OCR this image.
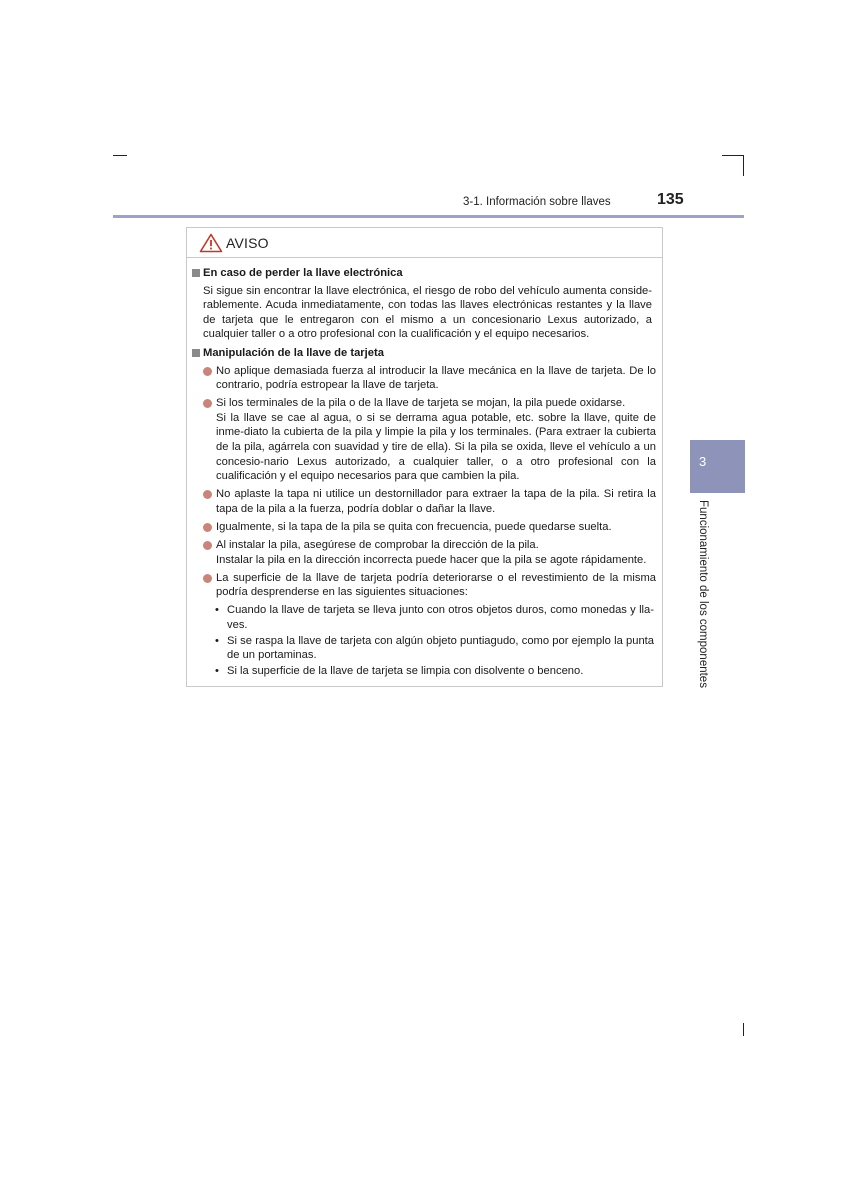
3-1. Información sobre llaves	135
AVISO
En caso de perder la llave electrónica

Si sigue sin encontrar la llave electrónica, el riesgo de robo del vehículo aumenta conside-rablemente. Acuda inmediatamente, con todas las llaves electrónicas restantes y la llave de tarjeta que le entregaron con el mismo a un concesionario Lexus autorizado, a cualquier taller o a otro profesional con la cualificación y el equipo necesarios.

Manipulación de la llave de tarjeta
No aplique demasiada fuerza al introducir la llave mecánica en la llave de tarjeta. De lo contrario, podría estropear la llave de tarjeta.
Si los terminales de la pila o de la llave de tarjeta se mojan, la pila puede oxidarse.
Si la llave se cae al agua, o si se derrama agua potable, etc. sobre la llave, quite de inme-diato la cubierta de la pila y limpie la pila y los terminales. (Para extraer la cubierta de la pila, agárrela con suavidad y tire de ella). Si la pila se oxida, lleve el vehículo a un concesio-nario Lexus autorizado, a cualquier taller, o a otro profesional con la cualificación y el equipo necesarios para que cambien la pila.
No aplaste la tapa ni utilice un destornillador para extraer la tapa de la pila. Si retira la tapa de la pila a la fuerza, podría doblar o dañar la llave.
Igualmente, si la tapa de la pila se quita con frecuencia, puede quedarse suelta.
Al instalar la pila, asegúrese de comprobar la dirección de la pila.
Instalar la pila en la dirección incorrecta puede hacer que la pila se agote rápidamente.
La superficie de la llave de tarjeta podría deteriorarse o el revestimiento de la misma podría desprenderse en las siguientes situaciones:
• Cuando la llave de tarjeta se lleva junto con otros objetos duros, como monedas y lla-ves.
• Si se raspa la llave de tarjeta con algún objeto puntiagudo, como por ejemplo la punta de un portaminas.
• Si la superficie de la llave de tarjeta se limpia con disolvente o benceno.
3
Funcionamiento de los componentes
